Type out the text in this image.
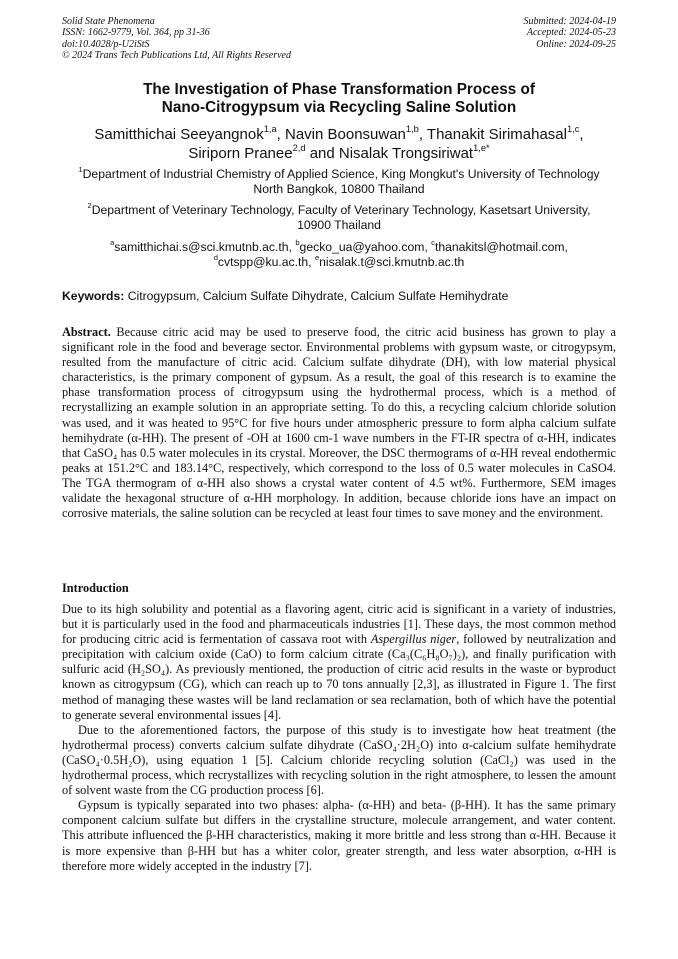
Solid State Phenomena
ISSN: 1662-9779, Vol. 364, pp 31-36
doi:10.4028/p-U2iStS
© 2024 Trans Tech Publications Ltd, All Rights Reserved
Submitted: 2024-04-19
Accepted: 2024-05-23
Online: 2024-09-25
The Investigation of Phase Transformation Process of
Nano-Citrogypsum via Recycling Saline Solution
Samitthichai Seeyangnok$^{1,a}$, Navin Boonsuwan$^{1,b}$, Thanakit Sirimahasal$^{1,c}$,
Siriporn Pranee$^{2,d}$ and Nisalak Trongsiriwat$^{1,e*}$
$^1$Department of Industrial Chemistry of Applied Science, King Mongkut's University of Technology
North Bangkok, 10800 Thailand
$^2$Department of Veterinary Technology, Faculty of Veterinary Technology, Kasetsart University,
10900 Thailand
$^a$samitthichai.s@sci.kmutnb.ac.th, $^b$gecko_ua@yahoo.com, $^c$thanakitsl@hotmail.com,
$^d$cvtspp@ku.ac.th, $^e$nisalak.t@sci.kmutnb.ac.th
Keywords: Citrogypsum, Calcium Sulfate Dihydrate, Calcium Sulfate Hemihydrate

Abstract. Because citric acid may be used to preserve food, the citric acid business has grown to play a significant role in the food and beverage sector. Environmental problems with gypsum waste, or citrogypsym, resulted from the manufacture of citric acid. Calcium sulfate dihydrate (DH), with low material physical characteristics, is the primary component of gypsum. As a result, the goal of this research is to examine the phase transformation process of citrogypsum using the hydrothermal process, which is a method of recrystallizing an example solution in an appropriate setting. To do this, a recycling calcium chloride solution was used, and it was heated to 95°C for five hours under atmospheric pressure to form alpha calcium sulfate hemihydrate (α-HH). The present of -OH at 1600 cm-1 wave numbers in the FT-IR spectra of α-HH, indicates that CaSO₄ has 0.5 water molecules in its crystal. Moreover, the DSC thermograms of α-HH reveal endothermic peaks at 151.2°C and 183.14°C, respectively, which correspond to the loss of 0.5 water molecules in CaSO4. The TGA thermogram of α-HH also shows a crystal water content of 4.5 wt%. Furthermore, SEM images validate the hexagonal structure of α-HH morphology. In addition, because chloride ions have an impact on corrosive materials, the saline solution can be recycled at least four times to save money and the environment.

Introduction

Due to its high solubility and potential as a flavoring agent, citric acid is significant in a variety of industries, but it is particularly used in the food and pharmaceuticals industries [1]. These days, the most common method for producing citric acid is fermentation of cassava root with Aspergillus niger, followed by neutralization and precipitation with calcium oxide (CaO) to form calcium citrate (Ca₃(C₆H₈O₇)₂), and finally purification with sulfuric acid (H₂SO₄). As previously mentioned, the production of citric acid results in the waste or byproduct known as citrogypsum (CG), which can reach up to 70 tons annually [2,3], as illustrated in Figure 1. The first method of managing these wastes will be land reclamation or sea reclamation, both of which have the potential to generate several environmental issues [4].

Due to the aforementioned factors, the purpose of this study is to investigate how heat treatment (the hydrothermal process) converts calcium sulfate dihydrate (CaSO₄·2H₂O) into α-calcium sulfate hemihydrate (CaSO₄·0.5H₂O), using equation 1 [5]. Calcium chloride recycling solution (CaCl₂) was used in the hydrothermal process, which recrystallizes with recycling solution in the right atmosphere, to lessen the amount of solvent waste from the CG production process [6].

Gypsum is typically separated into two phases: alpha- (α-HH) and beta- (β-HH). It has the same primary component calcium sulfate but differs in the crystalline structure, molecule arrangement, and water content. This attribute influenced the β-HH characteristics, making it more brittle and less strong than α-HH. Because it is more expensive than β-HH but has a whiter color, greater strength, and less water absorption, α-HH is therefore more widely accepted in the industry [7].
